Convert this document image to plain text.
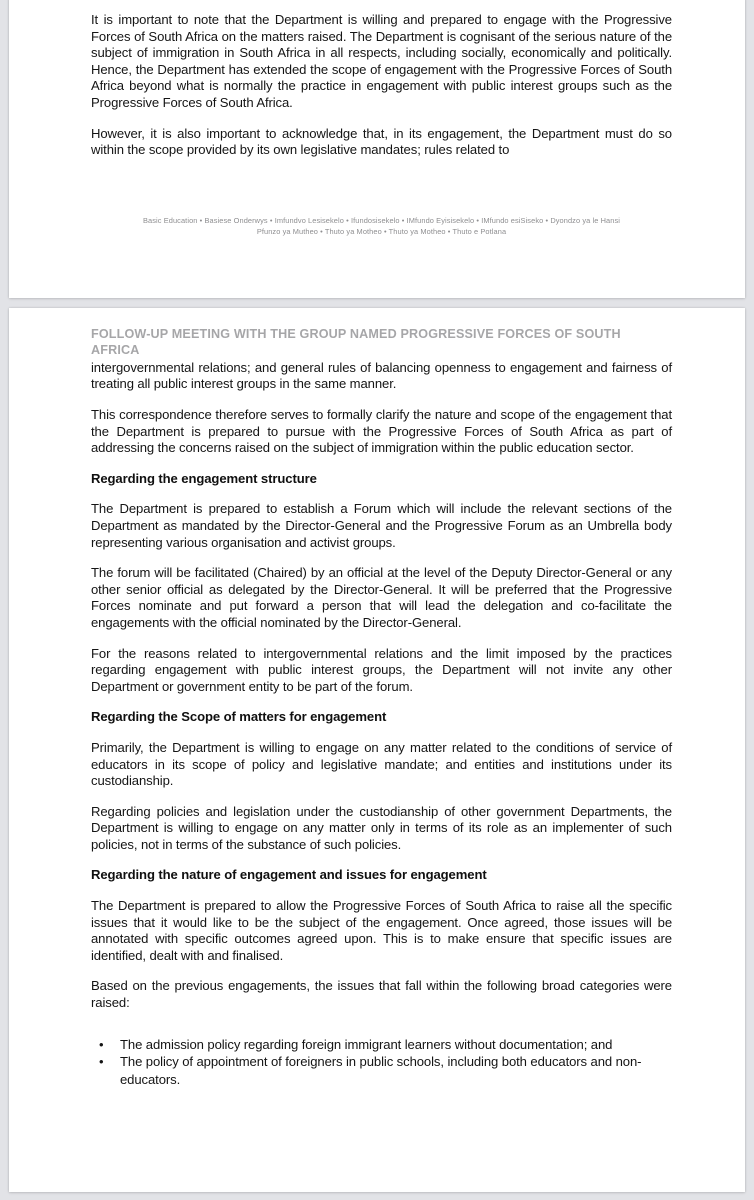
It is important to note that the Department is willing and prepared to engage with the Progressive Forces of South Africa on the matters raised. The Department is cognisant of the serious nature of the subject of immigration in South Africa in all respects, including socially, economically and politically. Hence, the Department has extended the scope of engagement with the Progressive Forces of South Africa beyond what is normally the practice in engagement with public interest groups such as the Progressive Forces of South Africa.

However, it is also important to acknowledge that, in its engagement, the Department must do so within the scope provided by its own legislative mandates; rules related to

Basic Education • Basiese Onderwys • Imfundvo Lesisekelo • Ifundosisekelo • IMfundo Eyisisekelo • IMfundo esiSiseko • Dyondzo ya le Hansi
Pfunzo ya Mutheo • Thuto ya Motheo • Thuto ya Motheo • Thuto e Potlana
FOLLOW-UP MEETING WITH THE GROUP NAMED PROGRESSIVE FORCES OF SOUTH AFRICA

intergovernmental relations; and general rules of balancing openness to engagement and fairness of treating all public interest groups in the same manner.

This correspondence therefore serves to formally clarify the nature and scope of the engagement that the Department is prepared to pursue with the Progressive Forces of South Africa as part of addressing the concerns raised on the subject of immigration within the public education sector.

Regarding the engagement structure

The Department is prepared to establish a Forum which will include the relevant sections of the Department as mandated by the Director-General and the Progressive Forum as an Umbrella body representing various organisation and activist groups.

The forum will be facilitated (Chaired) by an official at the level of the Deputy Director-General or any other senior official as delegated by the Director-General. It will be preferred that the Progressive Forces nominate and put forward a person that will lead the delegation and co-facilitate the engagements with the official nominated by the Director-General.

For the reasons related to intergovernmental relations and the limit imposed by the practices regarding engagement with public interest groups, the Department will not invite any other Department or government entity to be part of the forum.

Regarding the Scope of matters for engagement

Primarily, the Department is willing to engage on any matter related to the conditions of service of educators in its scope of policy and legislative mandate; and entities and institutions under its custodianship.

Regarding policies and legislation under the custodianship of other government Departments, the Department is willing to engage on any matter only in terms of its role as an implementer of such policies, not in terms of the substance of such policies.

Regarding the nature of engagement and issues for engagement

The Department is prepared to allow the Progressive Forces of South Africa to raise all the specific issues that it would like to be the subject of the engagement. Once agreed, those issues will be annotated with specific outcomes agreed upon. This is to make ensure that specific issues are identified, dealt with and finalised.

Based on the previous engagements, the issues that fall within the following broad categories were raised:

• The admission policy regarding foreign immigrant learners without documentation; and
• The policy of appointment of foreigners in public schools, including both educators and non-educators.
